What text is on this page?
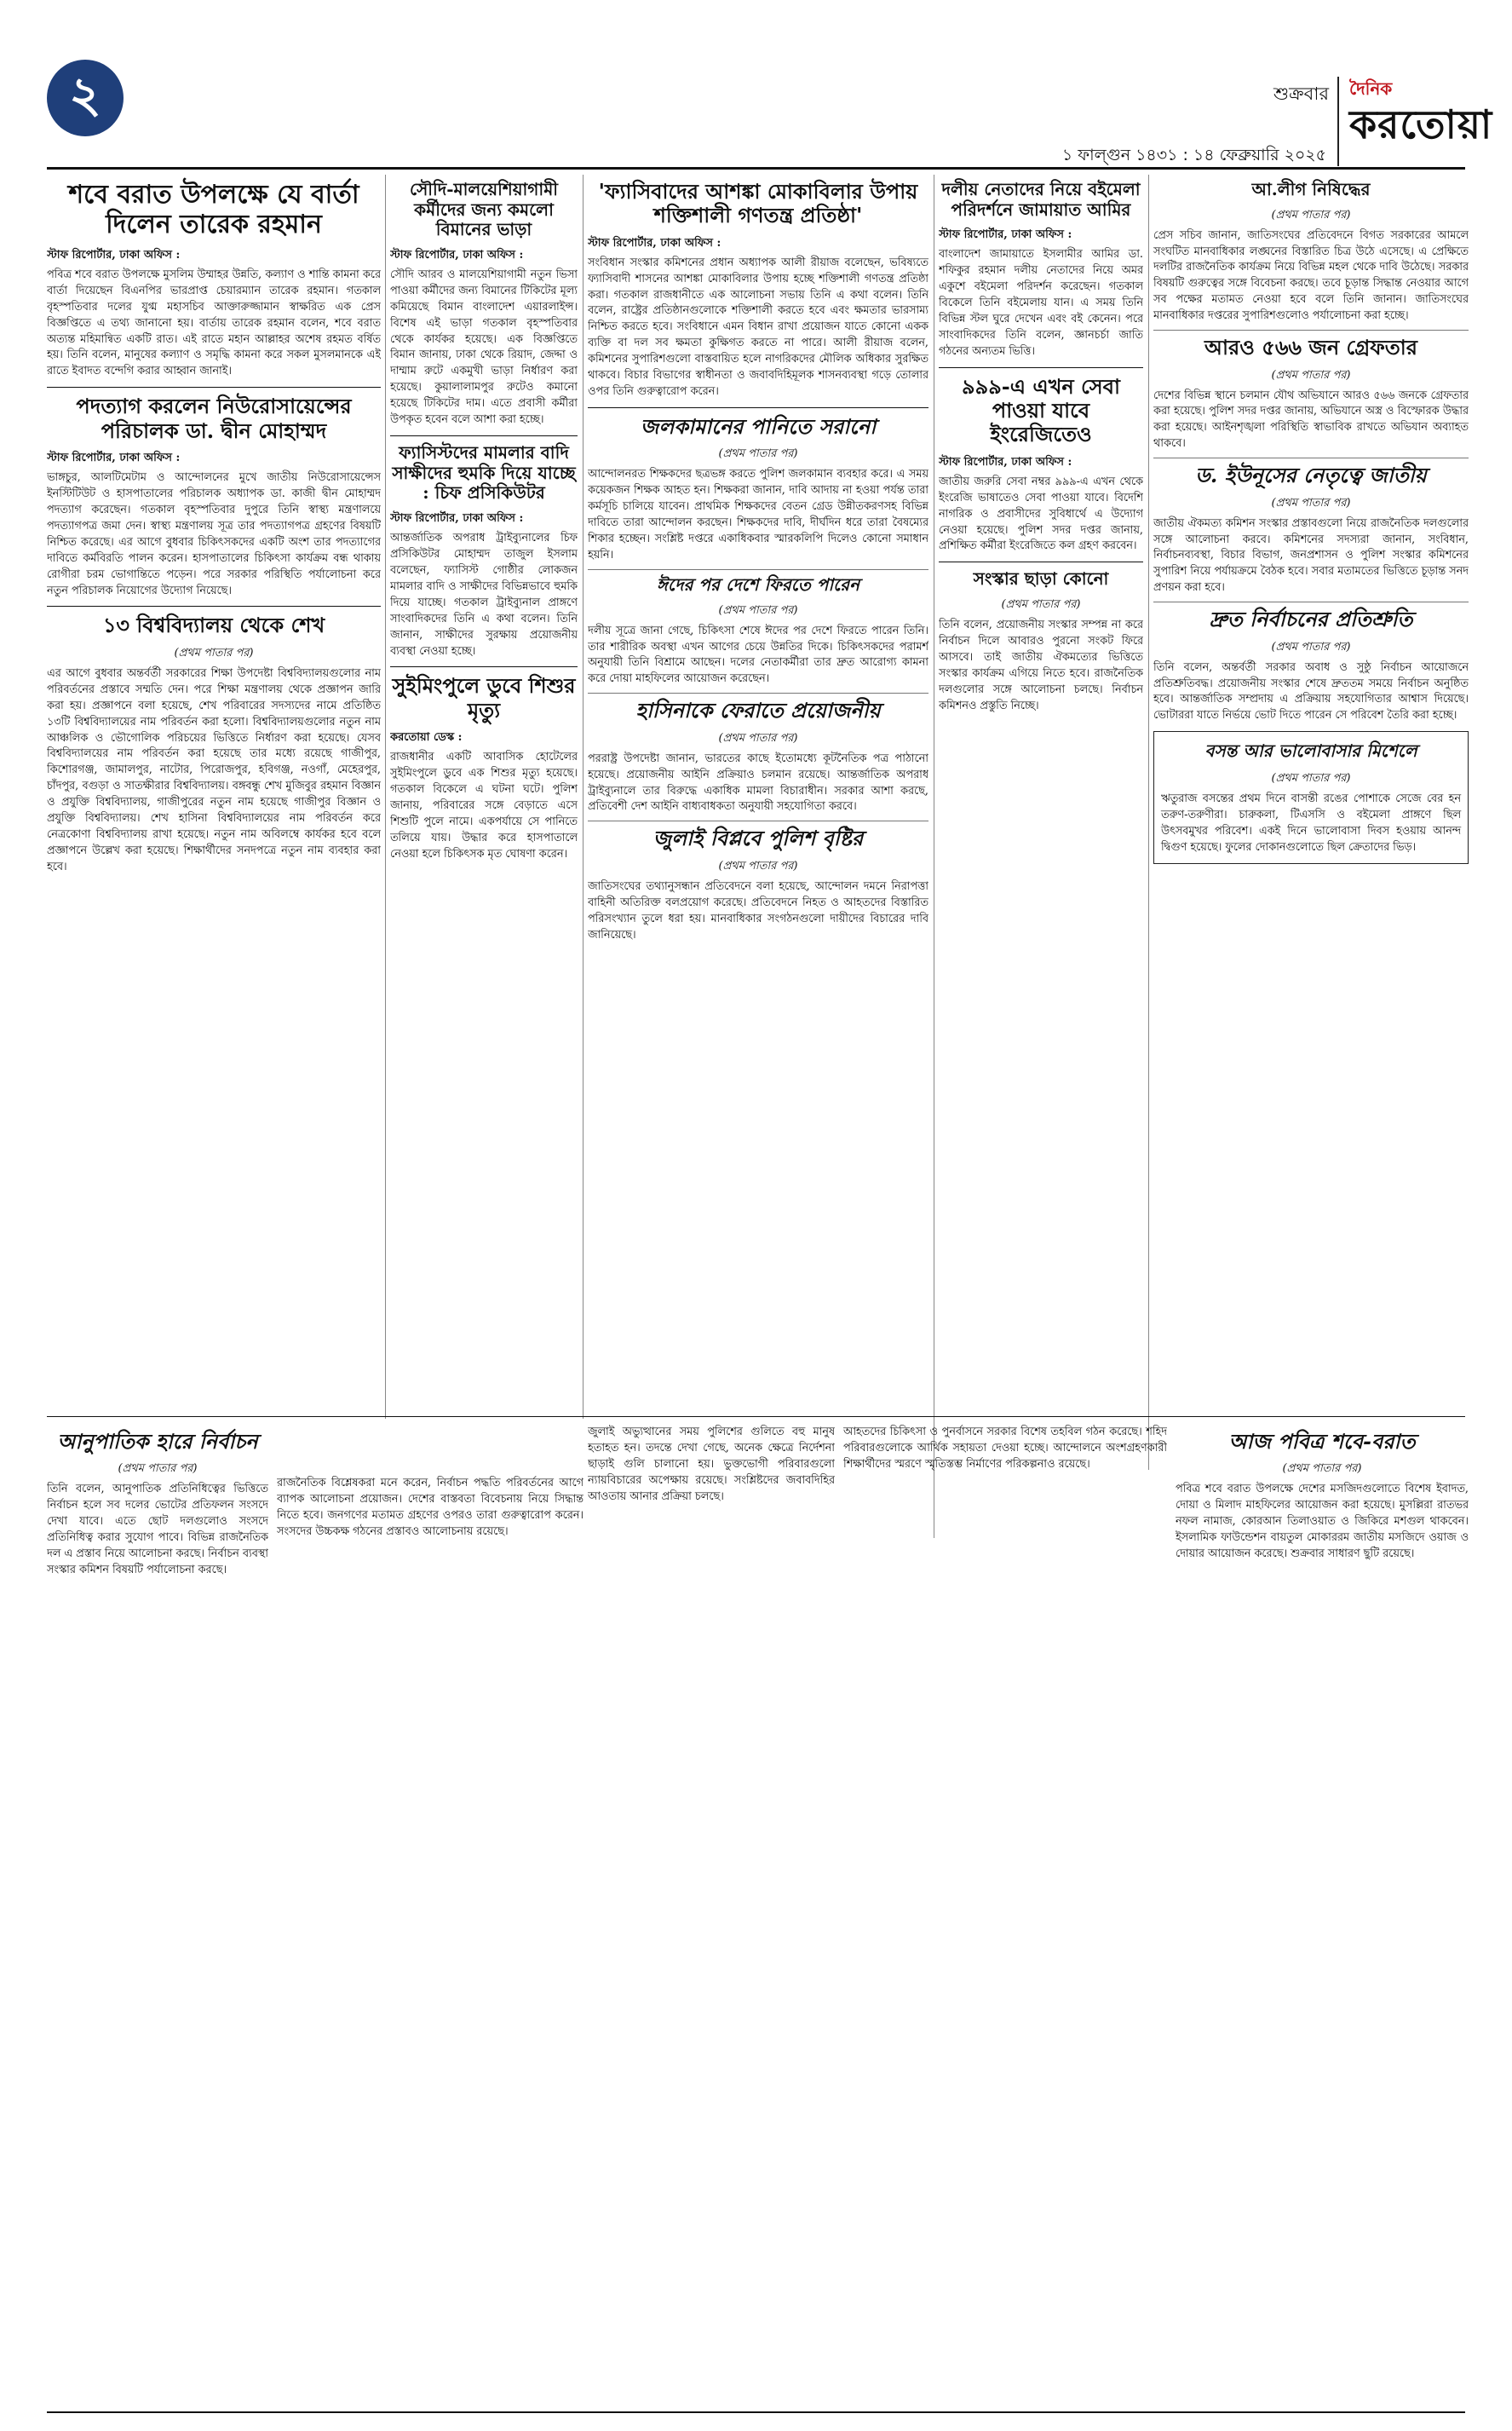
২	শুক্রবার
১ ফাল্গুন ১৪৩১ : ১৪ ফেব্রুয়ারি ২০২৫
দৈনিক
করতোয়া
শবে বরাত উপলক্ষে যে বার্তা দিলেন তারেক রহমান
স্টাফ রিপোর্টার, ঢাকা অফিস :

পবিত্র শবে বরাত উপলক্ষে মুসলিম উম্মাহর উন্নতি, কল্যাণ ও শান্তি কামনা করে বার্তা দিয়েছেন বিএনপির ভারপ্রাপ্ত চেয়ারম্যান তারেক রহমান। গতকাল বৃহস্পতিবার দলের যুগ্ম মহাসচিব আক্তারুজ্জামান স্বাক্ষরিত এক প্রেস বিজ্ঞপ্তিতে এ তথ্য জানানো হয়। বার্তায় তারেক রহমান বলেন, শবে বরাত অত্যন্ত মহিমান্বিত একটি রাত। এই রাতে মহান আল্লাহর অশেষ রহমত বর্ষিত হয়। তিনি বলেন, মানুষের কল্যাণ ও সমৃদ্ধি কামনা করে সকল মুসলমানকে এই রাতে ইবাদত বন্দেগি করার আহ্বান জানাই।

পদত্যাগ করলেন নিউরোসায়েন্সের পরিচালক ডা. দ্বীন মোহাম্মদ
স্টাফ রিপোর্টার, ঢাকা অফিস :

ভাঙ্গচুর, আলটিমেটাম ও আন্দোলনের মুখে জাতীয় নিউরোসায়েন্সেস ইনস্টিটিউট ও হাসপাতালের পরিচালক অধ্যাপক ডা. কাজী দ্বীন মোহাম্মদ পদত্যাগ করেছেন। গতকাল বৃহস্পতিবার দুপুরে তিনি স্বাস্থ্য মন্ত্রণালয়ে পদত্যাগপত্র জমা দেন। স্বাস্থ্য মন্ত্রণালয় সূত্র তার পদত্যাগপত্র গ্রহণের বিষয়টি নিশ্চিত করেছে। এর আগে বুধবার চিকিৎসকদের একটি অংশ তার পদত্যাগের দাবিতে কর্মবিরতি পালন করেন। হাসপাতালের চিকিৎসা কার্যক্রম বন্ধ থাকায় রোগীরা চরম ভোগান্তিতে পড়েন। পরে সরকার পরিস্থিতি পর্যালোচনা করে নতুন পরিচালক নিয়োগের উদ্যোগ নিয়েছে।

১৩ বিশ্ববিদ্যালয় থেকে শেখ
(প্রথম পাতার পর)

এর আগে বুধবার অন্তর্বর্তী সরকারের শিক্ষা উপদেষ্টা বিশ্ববিদ্যালয়গুলোর নাম পরিবর্তনের প্রস্তাবে সম্মতি দেন। পরে শিক্ষা মন্ত্রণালয় থেকে প্রজ্ঞাপন জারি করা হয়। প্রজ্ঞাপনে বলা হয়েছে, শেখ পরিবারের সদস্যদের নামে প্রতিষ্ঠিত ১৩টি বিশ্ববিদ্যালয়ের নাম পরিবর্তন করা হলো। বিশ্ববিদ্যালয়গুলোর নতুন নাম আঞ্চলিক ও ভৌগোলিক পরিচয়ের ভিত্তিতে নির্ধারণ করা হয়েছে। যেসব বিশ্ববিদ্যালয়ের নাম পরিবর্তন করা হয়েছে তার মধ্যে রয়েছে গাজীপুর, কিশোরগঞ্জ, জামালপুর, নাটোর, পিরোজপুর, হবিগঞ্জ, নওগাঁ, মেহেরপুর, চাঁদপুর, বগুড়া ও সাতক্ষীরার বিশ্ববিদ্যালয়। বঙ্গবন্ধু শেখ মুজিবুর রহমান বিজ্ঞান ও প্রযুক্তি বিশ্ববিদ্যালয়, গাজীপুরের নতুন নাম হয়েছে গাজীপুর বিজ্ঞান ও প্রযুক্তি বিশ্ববিদ্যালয়। শেখ হাসিনা বিশ্ববিদ্যালয়ের নাম পরিবর্তন করে নেত্রকোণা বিশ্ববিদ্যালয় রাখা হয়েছে। নতুন নাম অবিলম্বে কার্যকর হবে বলে প্রজ্ঞাপনে উল্লেখ করা হয়েছে। শিক্ষার্থীদের সনদপত্রে নতুন নাম ব্যবহার করা হবে।

সৌদি-মালয়েশিয়াগামী কর্মীদের জন্য কমলো বিমানের ভাড়া
স্টাফ রিপোর্টার, ঢাকা অফিস :

সৌদি আরব ও মালয়েশিয়াগামী নতুন ভিসা পাওয়া কর্মীদের জন্য বিমানের টিকিটের মূল্য কমিয়েছে বিমান বাংলাদেশ এয়ারলাইন্স। বিশেষ এই ভাড়া গতকাল বৃহস্পতিবার থেকে কার্যকর হয়েছে। এক বিজ্ঞপ্তিতে বিমান জানায়, ঢাকা থেকে রিয়াদ, জেদ্দা ও দাম্মাম রুটে একমুখী ভাড়া নির্ধারণ করা হয়েছে। কুয়ালালামপুর রুটেও কমানো হয়েছে টিকিটের দাম। এতে প্রবাসী কর্মীরা উপকৃত হবেন বলে আশা করা হচ্ছে।

ফ্যাসিস্টদের মামলার বাদি সাক্ষীদের হুমকি দিয়ে যাচ্ছে : চিফ প্রসিকিউটর
স্টাফ রিপোর্টার, ঢাকা অফিস :

আন্তর্জাতিক অপরাধ ট্রাইব্যুনালের চিফ প্রসিকিউটর মোহাম্মদ তাজুল ইসলাম বলেছেন, ফ্যাসিস্ট গোষ্ঠীর লোকজন মামলার বাদি ও সাক্ষীদের বিভিন্নভাবে হুমকি দিয়ে যাচ্ছে। গতকাল ট্রাইব্যুনাল প্রাঙ্গণে সাংবাদিকদের তিনি এ কথা বলেন। তিনি জানান, সাক্ষীদের সুরক্ষায় প্রয়োজনীয় ব্যবস্থা নেওয়া হচ্ছে।

সুইমিংপুলে ডুবে শিশুর মৃত্যু
করতোয়া ডেস্ক :

রাজধানীর একটি আবাসিক হোটেলের সুইমিংপুলে ডুবে এক শিশুর মৃত্যু হয়েছে। গতকাল বিকেলে এ ঘটনা ঘটে। পুলিশ জানায়, পরিবারের সঙ্গে বেড়াতে এসে শিশুটি পুলে নামে। একপর্যায়ে সে পানিতে তলিয়ে যায়। উদ্ধার করে হাসপাতালে নেওয়া হলে চিকিৎসক মৃত ঘোষণা করেন।

'ফ্যাসিবাদের আশঙ্কা মোকাবিলার উপায় শক্তিশালী গণতন্ত্র প্রতিষ্ঠা'
স্টাফ রিপোর্টার, ঢাকা অফিস :

সংবিধান সংস্কার কমিশনের প্রধান অধ্যাপক আলী রীয়াজ বলেছেন, ভবিষ্যতে ফ্যাসিবাদী শাসনের আশঙ্কা মোকাবিলার উপায় হচ্ছে শক্তিশালী গণতন্ত্র প্রতিষ্ঠা করা। গতকাল রাজধানীতে এক আলোচনা সভায় তিনি এ কথা বলেন। তিনি বলেন, রাষ্ট্রের প্রতিষ্ঠানগুলোকে শক্তিশালী করতে হবে এবং ক্ষমতার ভারসাম্য নিশ্চিত করতে হবে। সংবিধানে এমন বিধান রাখা প্রয়োজন যাতে কোনো একক ব্যক্তি বা দল সব ক্ষমতা কুক্ষিগত করতে না পারে। আলী রীয়াজ বলেন, কমিশনের সুপারিশগুলো বাস্তবায়িত হলে নাগরিকদের মৌলিক অধিকার সুরক্ষিত থাকবে। বিচার বিভাগের স্বাধীনতা ও জবাবদিহিমূলক শাসনব্যবস্থা গড়ে তোলার ওপর তিনি গুরুত্বারোপ করেন।

জলকামানের পানিতে সরানো
(প্রথম পাতার পর)

আন্দোলনরত শিক্ষকদের ছত্রভঙ্গ করতে পুলিশ জলকামান ব্যবহার করে। এ সময় কয়েকজন শিক্ষক আহত হন। শিক্ষকরা জানান, দাবি আদায় না হওয়া পর্যন্ত তারা কর্মসূচি চালিয়ে যাবেন। প্রাথমিক শিক্ষকদের বেতন গ্রেড উন্নীতকরণসহ বিভিন্ন দাবিতে তারা আন্দোলন করছেন। শিক্ষকদের দাবি, দীর্ঘদিন ধরে তারা বৈষম্যের শিকার হচ্ছেন। সংশ্লিষ্ট দপ্তরে একাধিকবার স্মারকলিপি দিলেও কোনো সমাধান হয়নি।

ঈদের পর দেশে ফিরতে পারেন
(প্রথম পাতার পর)

দলীয় সূত্রে জানা গেছে, চিকিৎসা শেষে ঈদের পর দেশে ফিরতে পারেন তিনি। তার শারীরিক অবস্থা এখন আগের চেয়ে উন্নতির দিকে। চিকিৎসকদের পরামর্শ অনুযায়ী তিনি বিশ্রামে আছেন। দলের নেতাকর্মীরা তার দ্রুত আরোগ্য কামনা করে দোয়া মাহফিলের আয়োজন করেছেন।

হাসিনাকে ফেরাতে প্রয়োজনীয়
(প্রথম পাতার পর)

পররাষ্ট্র উপদেষ্টা জানান, ভারতের কাছে ইতোমধ্যে কূটনৈতিক পত্র পাঠানো হয়েছে। প্রয়োজনীয় আইনি প্রক্রিয়াও চলমান রয়েছে। আন্তর্জাতিক অপরাধ ট্রাইব্যুনালে তার বিরুদ্ধে একাধিক মামলা বিচারাধীন। সরকার আশা করছে, প্রতিবেশী দেশ আইনি বাধ্যবাধকতা অনুযায়ী সহযোগিতা করবে।

জুলাই বিপ্লবে পুলিশ বৃষ্টির
(প্রথম পাতার পর)

জাতিসংঘের তথ্যানুসন্ধান প্রতিবেদনে বলা হয়েছে, আন্দোলন দমনে নিরাপত্তা বাহিনী অতিরিক্ত বলপ্রয়োগ করেছে। প্রতিবেদনে নিহত ও আহতদের বিস্তারিত পরিসংখ্যান তুলে ধরা হয়। মানবাধিকার সংগঠনগুলো দায়ীদের বিচারের দাবি জানিয়েছে।

দলীয় নেতাদের নিয়ে বইমেলা পরিদর্শনে জামায়াত আমির
স্টাফ রিপোর্টার, ঢাকা অফিস :

বাংলাদেশ জামায়াতে ইসলামীর আমির ডা. শফিকুর রহমান দলীয় নেতাদের নিয়ে অমর একুশে বইমেলা পরিদর্শন করেছেন। গতকাল বিকেলে তিনি বইমেলায় যান। এ সময় তিনি বিভিন্ন স্টল ঘুরে দেখেন এবং বই কেনেন। পরে সাংবাদিকদের তিনি বলেন, জ্ঞানচর্চা জাতি গঠনের অন্যতম ভিত্তি।

৯৯৯-এ এখন সেবা পাওয়া যাবে ইংরেজিতেও
স্টাফ রিপোর্টার, ঢাকা অফিস :

জাতীয় জরুরি সেবা নম্বর ৯৯৯-এ এখন থেকে ইংরেজি ভাষাতেও সেবা পাওয়া যাবে। বিদেশি নাগরিক ও প্রবাসীদের সুবিধার্থে এ উদ্যোগ নেওয়া হয়েছে। পুলিশ সদর দপ্তর জানায়, প্রশিক্ষিত কর্মীরা ইংরেজিতে কল গ্রহণ করবেন।

সংস্কার ছাড়া কোনো
(প্রথম পাতার পর)

তিনি বলেন, প্রয়োজনীয় সংস্কার সম্পন্ন না করে নির্বাচন দিলে আবারও পুরনো সংকট ফিরে আসবে। তাই জাতীয় ঐকমত্যের ভিত্তিতে সংস্কার কার্যক্রম এগিয়ে নিতে হবে। রাজনৈতিক দলগুলোর সঙ্গে আলোচনা চলছে। নির্বাচন কমিশনও প্রস্তুতি নিচ্ছে।

আ.লীগ নিষিদ্ধের
(প্রথম পাতার পর)

প্রেস সচিব জানান, জাতিসংঘের প্রতিবেদনে বিগত সরকারের আমলে সংঘটিত মানবাধিকার লঙ্ঘনের বিস্তারিত চিত্র উঠে এসেছে। এ প্রেক্ষিতে দলটির রাজনৈতিক কার্যক্রম নিয়ে বিভিন্ন মহল থেকে দাবি উঠেছে। সরকার বিষয়টি গুরুত্বের সঙ্গে বিবেচনা করছে। তবে চূড়ান্ত সিদ্ধান্ত নেওয়ার আগে সব পক্ষের মতামত নেওয়া হবে বলে তিনি জানান। জাতিসংঘের মানবাধিকার দপ্তরের সুপারিশগুলোও পর্যালোচনা করা হচ্ছে।

আরও ৫৬৬ জন গ্রেফতার
(প্রথম পাতার পর)

দেশের বিভিন্ন স্থানে চলমান যৌথ অভিযানে আরও ৫৬৬ জনকে গ্রেফতার করা হয়েছে। পুলিশ সদর দপ্তর জানায়, অভিযানে অস্ত্র ও বিস্ফোরক উদ্ধার করা হয়েছে। আইনশৃঙ্খলা পরিস্থিতি স্বাভাবিক রাখতে অভিযান অব্যাহত থাকবে।

ড. ইউনূসের নেতৃত্বে জাতীয়
(প্রথম পাতার পর)

জাতীয় ঐকমত্য কমিশন সংস্কার প্রস্তাবগুলো নিয়ে রাজনৈতিক দলগুলোর সঙ্গে আলোচনা করবে। কমিশনের সদস্যরা জানান, সংবিধান, নির্বাচনব্যবস্থা, বিচার বিভাগ, জনপ্রশাসন ও পুলিশ সংস্কার কমিশনের সুপারিশ নিয়ে পর্যায়ক্রমে বৈঠক হবে। সবার মতামতের ভিত্তিতে চূড়ান্ত সনদ প্রণয়ন করা হবে।

দ্রুত নির্বাচনের প্রতিশ্রুতি
(প্রথম পাতার পর)

তিনি বলেন, অন্তর্বর্তী সরকার অবাধ ও সুষ্ঠু নির্বাচন আয়োজনে প্রতিশ্রুতিবদ্ধ। প্রয়োজনীয় সংস্কার শেষে দ্রুততম সময়ে নির্বাচন অনুষ্ঠিত হবে। আন্তর্জাতিক সম্প্রদায় এ প্রক্রিয়ায় সহযোগিতার আশ্বাস দিয়েছে। ভোটাররা যাতে নির্ভয়ে ভোট দিতে পারেন সে পরিবেশ তৈরি করা হচ্ছে।

বসন্ত আর ভালোবাসার মিশেলে
(প্রথম পাতার পর)

ঋতুরাজ বসন্তের প্রথম দিনে বাসন্তী রঙের পোশাকে সেজে বের হন তরুণ-তরুণীরা। চারুকলা, টিএসসি ও বইমেলা প্রাঙ্গণে ছিল উৎসবমুখর পরিবেশ। একই দিনে ভালোবাসা দিবস হওয়ায় আনন্দ দ্বিগুণ হয়েছে। ফুলের দোকানগুলোতে ছিল ক্রেতাদের ভিড়।

আনুপাতিক হারে নির্বাচন
(প্রথম পাতার পর)

তিনি বলেন, আনুপাতিক প্রতিনিধিত্বের ভিত্তিতে নির্বাচন হলে সব দলের ভোটের প্রতিফলন সংসদে দেখা যাবে। এতে ছোট দলগুলোও সংসদে প্রতিনিধিত্ব করার সুযোগ পাবে। বিভিন্ন রাজনৈতিক দল এ প্রস্তাব নিয়ে আলোচনা করছে। নির্বাচন ব্যবস্থা সংস্কার কমিশন বিষয়টি পর্যালোচনা করছে।

রাজনৈতিক বিশ্লেষকরা মনে করেন, নির্বাচন পদ্ধতি পরিবর্তনের আগে ব্যাপক আলোচনা প্রয়োজন। দেশের বাস্তবতা বিবেচনায় নিয়ে সিদ্ধান্ত নিতে হবে। জনগণের মতামত গ্রহণের ওপরও তারা গুরুত্বারোপ করেন। সংসদের উচ্চকক্ষ গঠনের প্রস্তাবও আলোচনায় রয়েছে।

জুলাই অভ্যুত্থানের সময় পুলিশের গুলিতে বহু মানুষ হতাহত হন। তদন্তে দেখা গেছে, অনেক ক্ষেত্রে নির্দেশনা ছাড়াই গুলি চালানো হয়। ভুক্তভোগী পরিবারগুলো ন্যায়বিচারের অপেক্ষায় রয়েছে। সংশ্লিষ্টদের জবাবদিহির আওতায় আনার প্রক্রিয়া চলছে।

আহতদের চিকিৎসা ও পুনর্বাসনে সরকার বিশেষ তহবিল গঠন করেছে। শহিদ পরিবারগুলোকে আর্থিক সহায়তা দেওয়া হচ্ছে। আন্দোলনে অংশগ্রহণকারী শিক্ষার্থীদের স্মরণে স্মৃতিস্তম্ভ নির্মাণের পরিকল্পনাও রয়েছে।

আজ পবিত্র শবে-বরাত
(প্রথম পাতার পর)

পবিত্র শবে বরাত উপলক্ষে দেশের মসজিদগুলোতে বিশেষ ইবাদত, দোয়া ও মিলাদ মাহফিলের আয়োজন করা হয়েছে। মুসল্লিরা রাতভর নফল নামাজ, কোরআন তিলাওয়াত ও জিকিরে মশগুল থাকবেন। ইসলামিক ফাউন্ডেশন বায়তুল মোকাররম জাতীয় মসজিদে ওয়াজ ও দোয়ার আয়োজন করেছে। শুক্রবার সাধারণ ছুটি রয়েছে।
